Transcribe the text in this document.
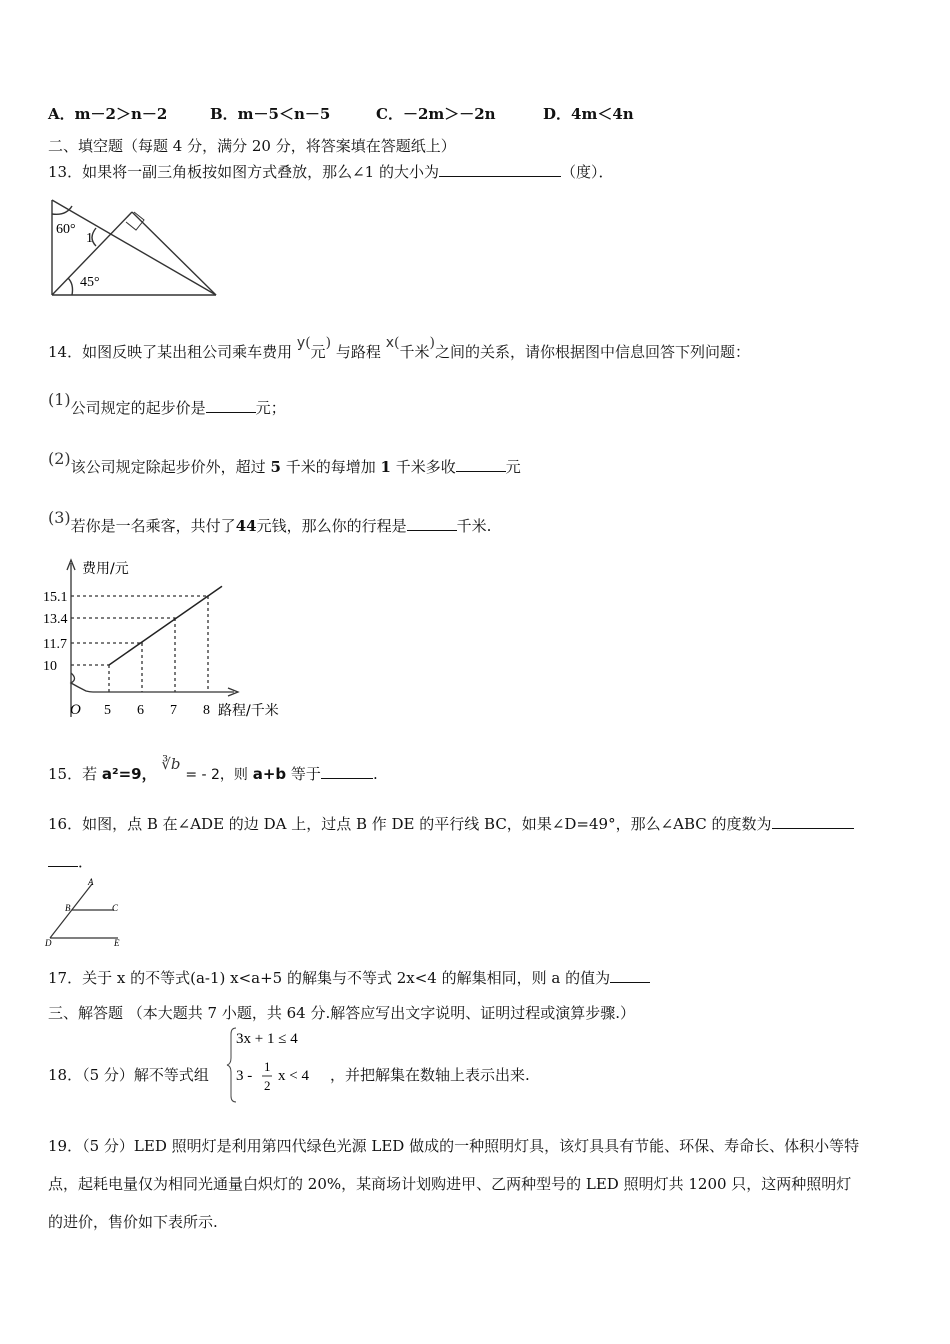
A．m－2＞n－2	B．m－5＜n－5	C．－2m＞－2n	D．4m＜4n
二、填空题（每题 4 分，满分 20 分，将答案填在答题纸上）
13．如果将一副三角板按如图方式叠放，那么∠1 的大小为	（度）．
60°
1
45°
14．如图反映了某出租公司乘车费用 y(元) 与路程 x(千米)之间的关系，请你根据图中信息回答下列问题：
(1)公司规定的起步价是	元；
(2)该公司规定除起步价外，超过 5 千米的每增加 1 千米多收	元
(3)若你是一名乘客，共付了44元钱，那么你的行程是	千米.
费用/元
路程/千米
O 5
10
6
11.7
7
13.4
8
15.1
15．若 a²=9， ∛b = - 2，则 a+b 等于	.
16．如图，点 B 在∠ADE 的边 DA 上，过点 B 作 DE 的平行线 BC，如果∠D=49°，那么∠ABC 的度数为
．
A
B	C
D	E
17．关于 x 的不等式(a-1) x<a+5 的解集与不等式 2x<4 的解集相同，则 a 的值为
三、解答题 （本大题共 7 小题，共 64 分.解答应写出文字说明、证明过程或演算步骤.）
18．（5 分）解不等式组
3x + 1 ≤ 4
3 -
1
2
x < 4 ，并把解集在数轴上表示出来.
19．（5 分）LED 照明灯是利用第四代绿色光源 LED 做成的一种照明灯具，该灯具具有节能、环保、寿命长、体积小等特
点，起耗电量仅为相同光通量白炽灯的 20%，某商场计划购进甲、乙两种型号的 LED 照明灯共 1200 只，这两种照明灯
的进价，售价如下表所示.
